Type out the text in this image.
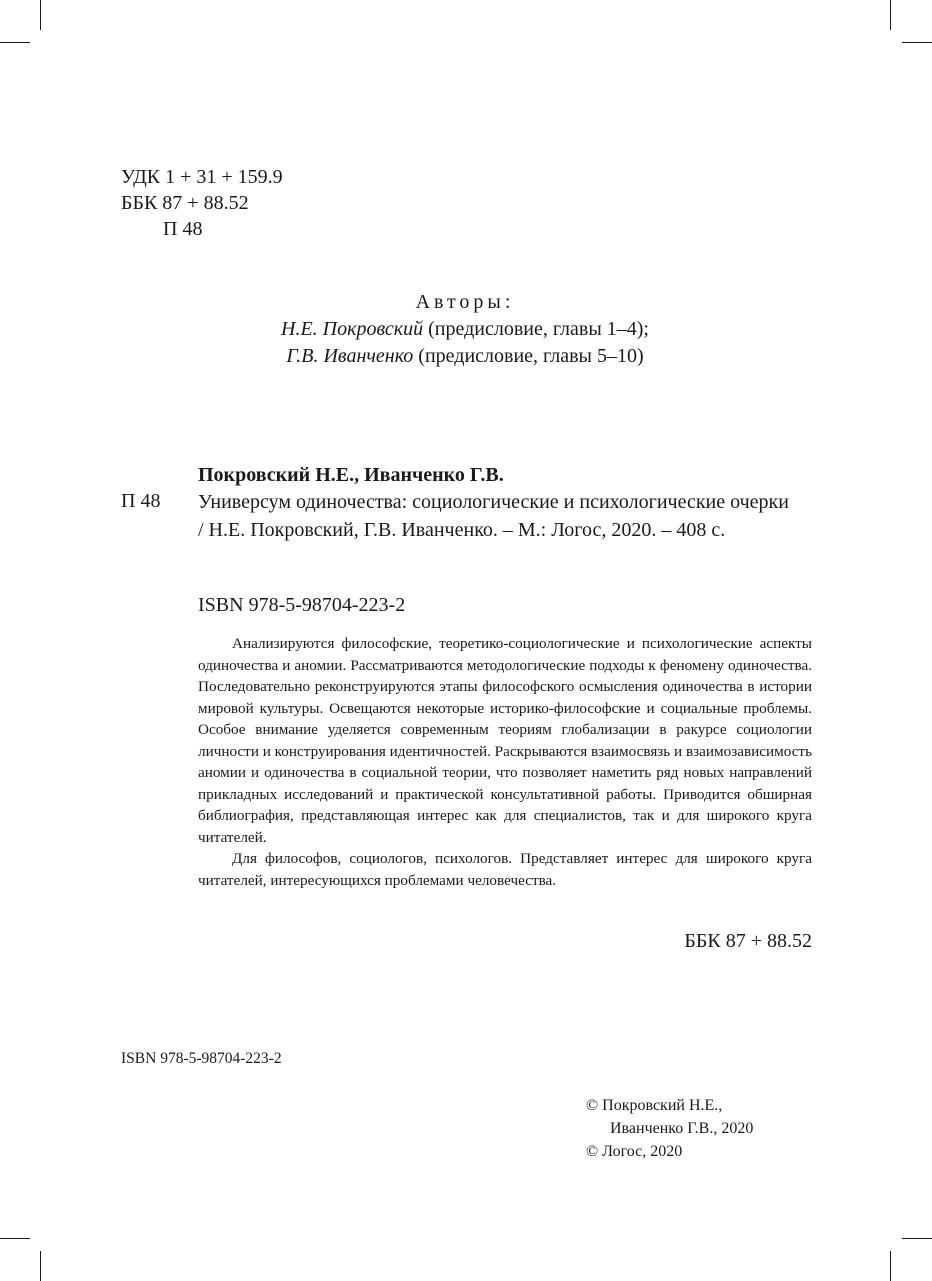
УДК 1 + 31 + 159.9
ББК 87 + 88.52
П 48
Авторы:
Н.Е. Покровский (предисловие, главы 1–4);
Г.В. Иванченко (предисловие, главы 5–10)
Покровский Н.Е., Иванченко Г.В.
П 48 Универсум одиночества: социологические и психологические очерки / Н.Е. Покровский, Г.В. Иванченко. – М.: Логос, 2020. – 408 с.
ISBN 978-5-98704-223-2

Анализируются философские, теоретико-социологические и психологические аспекты одиночества и аномии. Рассматриваются методологические подходы к феномену одиночества. Последовательно реконструируются этапы философского осмысления одиночества в истории мировой культуры. Освещаются некоторые историко-философские и социальные проблемы. Особое внимание уделяется современным теориям глобализации в ракурсе социологии личности и конструирования идентичностей. Раскрываются взаимосвязь и взаимозависимость аномии и одиночества в социальной теории, что позволяет наметить ряд новых направлений прикладных исследований и практической консультативной работы. Приводится обширная библиография, представляющая интерес как для специалистов, так и для широкого круга читателей.

Для философов, социологов, психологов. Представляет интерес для широкого круга читателей, интересующихся проблемами человечества.

ББК 87 + 88.52
ISBN 978-5-98704-223-2
© Покровский Н.Е.,
Иванченко Г.В., 2020
© Логос, 2020
